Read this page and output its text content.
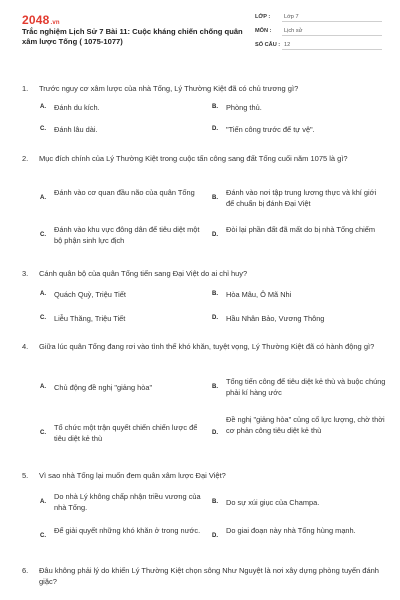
2048.vn
Trắc nghiệm Lịch Sử 7 Bài 11: Cuộc kháng chiến chống quân xâm lược Tống ( 1075-1077)
LỚP :	Lớp 7
MÔN :	Lịch sử
SỐ CÂU : 12
1. Trước nguy cơ xâm lược của nhà Tống, Lý Thường Kiệt đã có chủ trương gì?
A. Đánh du kích.	B. Phòng thủ.
C. Đánh lâu dài.	D. "Tiến công trước để tự vệ".
2. Mục đích chính của Lý Thường Kiệt trong cuộc tấn công sang đất Tống cuối năm 1075 là gì?
A.
Đánh vào cơ quan đầu não của quân Tống
B.
Đánh vào nơi tập trung lương thực và khí giới để chuẩn bị đánh Đại Việt
C.
Đánh vào khu vực đông dân để tiêu diệt một bộ phận sinh lực địch
D.
Đòi lại phần đất đã mất do bị nhà Tống chiếm
3. Cánh quân bộ của quân Tống tiến sang Đại Việt do ai chỉ huy?
A. Quách Quỳ, Triệu Tiết	B. Hòa Mâu, Ô Mã Nhi
C. Liễu Thăng, Triệu Tiết	D. Hầu Nhân Bảo, Vương Thông
4. Giữa lúc quân Tống đang rơi vào tình thế khó khăn, tuyệt vọng, Lý Thường Kiệt đã có hành động gì?
A. Chủ động đề nghị "giảng hòa"	B.
Tổng tiến công để tiêu diệt kẻ thù và buộc chúng phải kí hàng ước
C.
Tổ chức một trận quyết chiến chiến lược để tiêu diệt kẻ thù
D.
Đề nghị "giảng hòa" củng cố lực lượng, chờ thời cơ phản công tiêu diệt kẻ thù
5. Vì sao nhà Tống lại muốn đem quân xâm lược Đại Việt?
A.
Do nhà Lý không chấp nhận triều vương của nhà Tống.
B. Do sự xúi giục của Champa.
C.
Để giải quyết những khó khăn ở trong nước.
D.
Do giai đoạn này nhà Tống hùng mạnh.
6. Đâu không phải lý do khiến Lý Thường Kiệt chọn sông Như Nguyệt là nơi xây dựng phòng tuyến đánh giặc?
